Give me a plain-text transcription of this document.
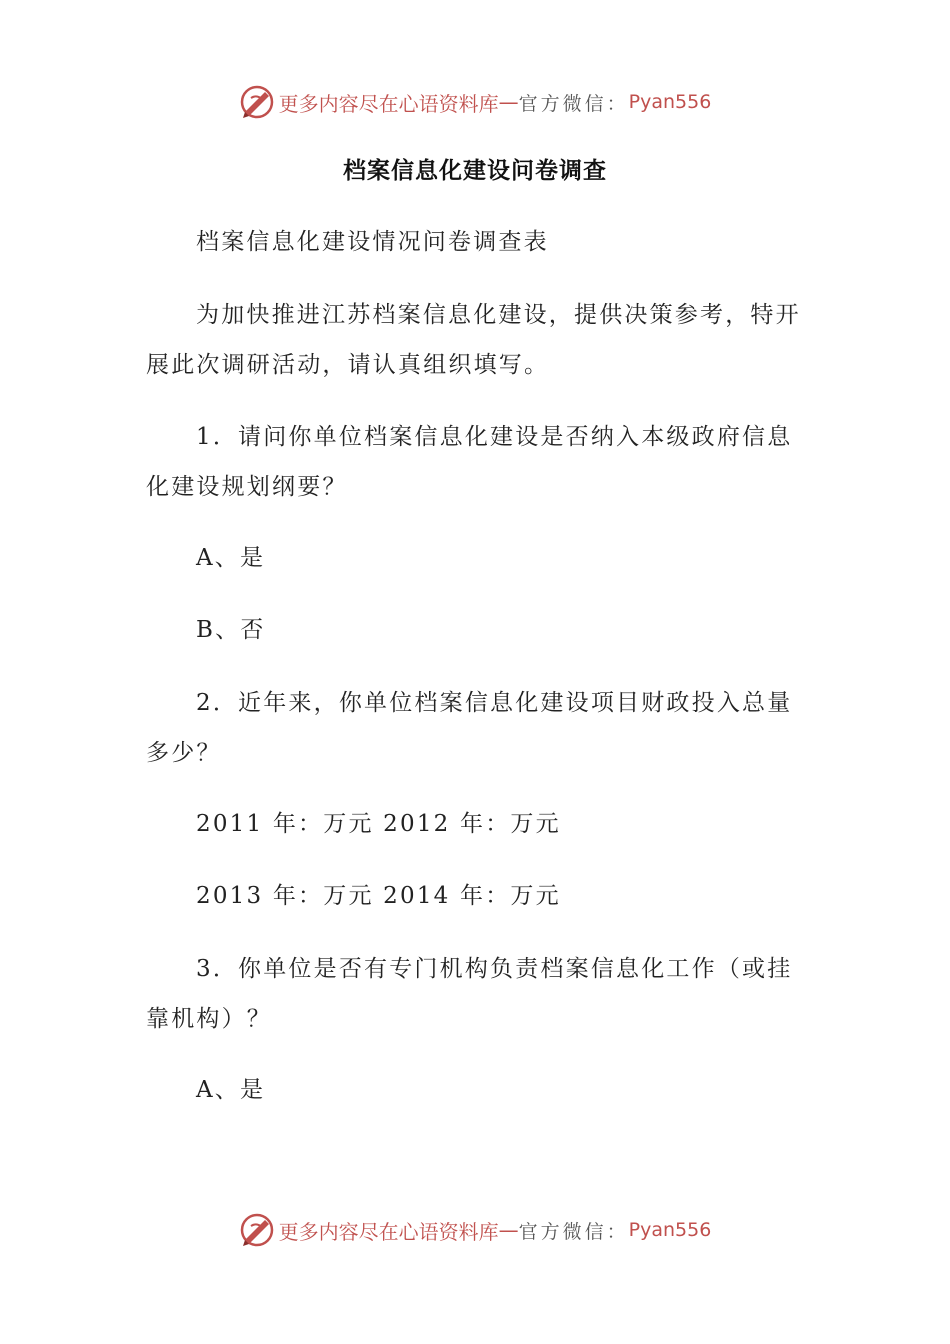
更多内容尽在心语资料库 — 官方微信： Pyan556
档案信息化建设问卷调查

档案信息化建设情况问卷调查表

为加快推进江苏档案信息化建设，提供决策参考，特开展此次调研活动，请认真组织填写。

1．请问你单位档案信息化建设是否纳入本级政府信息化建设规划纲要？

A、是

B、否

2．近年来，你单位档案信息化建设项目财政投入总量多少？

2011 年：万元 2012 年：万元

2013 年：万元 2014 年：万元

3．你单位是否有专门机构负责档案信息化工作（或挂靠机构）？

A、是

更多内容尽在心语资料库 — 官方微信： Pyan556
